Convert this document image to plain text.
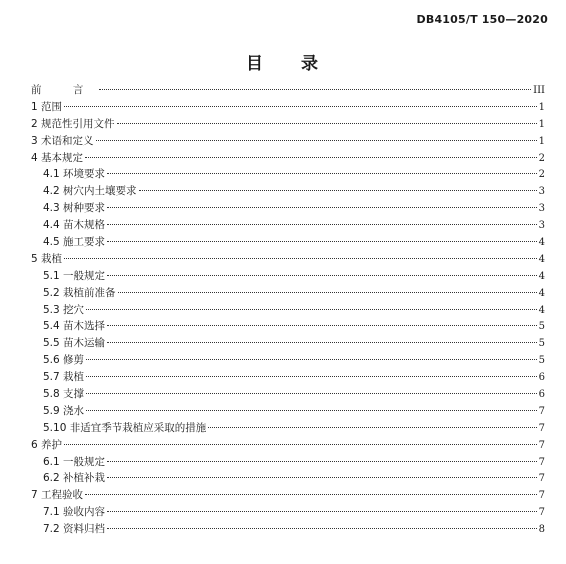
DB4105/T 150—2020
目 录
前 言	III
1 范围	1
2 规范性引用文件	1
3 术语和定义	1
4 基本规定	2
4.1 环境要求	2
4.2 树穴内土壤要求	3
4.3 树种要求	3
4.4 苗木规格	3
4.5 施工要求	4
5 栽植	4
5.1 一般规定	4
5.2 栽植前准备	4
5.3 挖穴	4
5.4 苗木选择	5
5.5 苗木运输	5
5.6 修剪	5
5.7 栽植	6
5.8 支撑	6
5.9 浇水	7
5.10 非适宜季节栽植应采取的措施	7
6 养护	7
6.1 一般规定	7
6.2 补植补栽	7
7 工程验收	7
7.1 验收内容	7
7.2 资料归档	8
